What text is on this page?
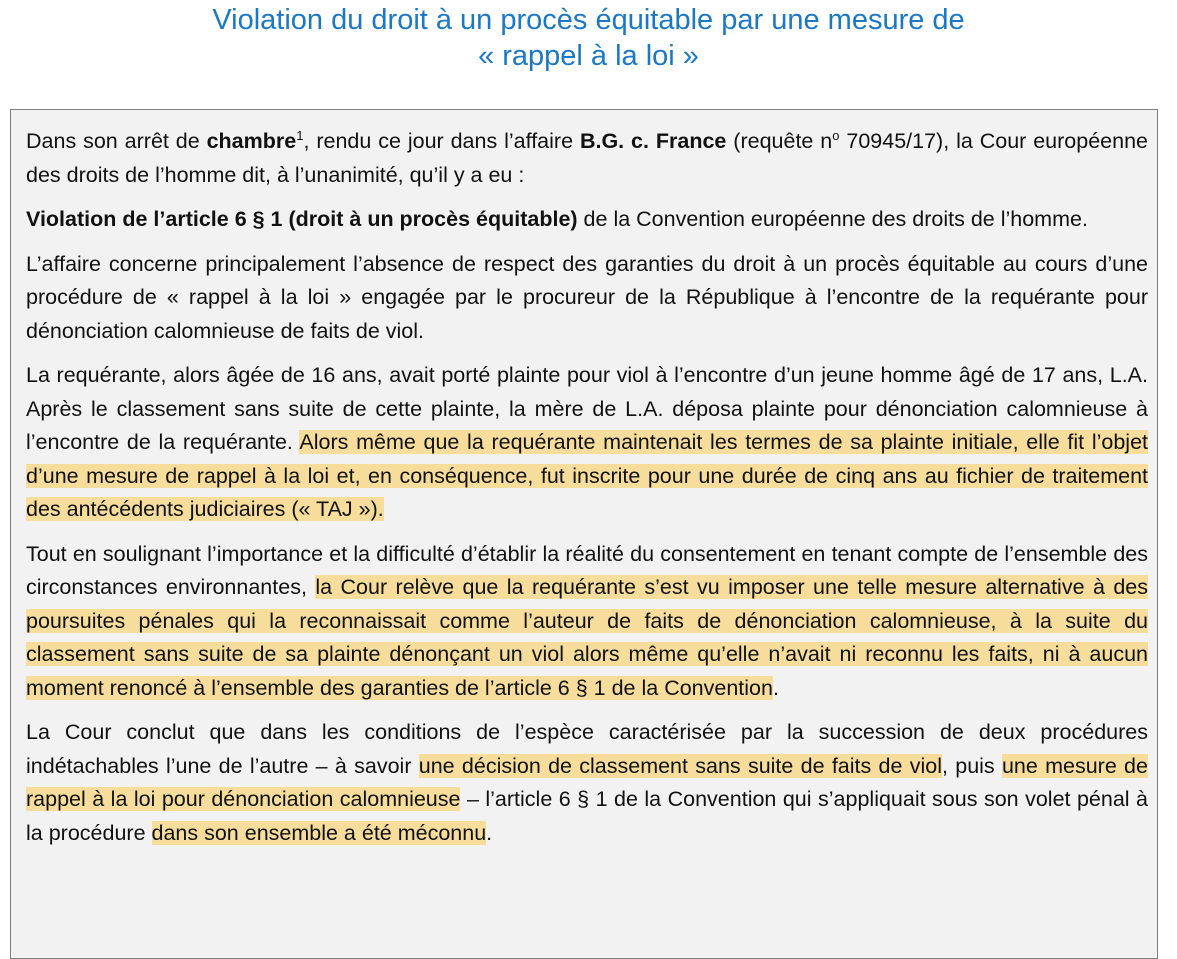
Violation du droit à un procès équitable par une mesure de
« rappel à la loi »

Dans son arrêt de chambre$^1$, rendu ce jour dans l’affaire B.G. c. France (requête $n^o$ 70945/17), la Cour européenne des droits de l’homme dit, à l’unanimité, qu’il y a eu :

Violation de l’article 6 § 1 (droit à un procès équitable) de la Convention européenne des droits de l’homme.

L’affaire concerne principalement l’absence de respect des garanties du droit à un procès équitable au cours d’une procédure de « rappel à la loi » engagée par le procureur de la République à l’encontre de la requérante pour dénonciation calomnieuse de faits de viol.

La requérante, alors âgée de 16 ans, avait porté plainte pour viol à l’encontre d’un jeune homme âgé de 17 ans, L.A. Après le classement sans suite de cette plainte, la mère de L.A. déposa plainte pour dénonciation calomnieuse à l’encontre de la requérante. Alors même que la requérante maintenait les termes de sa plainte initiale, elle fit l’objet d’une mesure de rappel à la loi et, en conséquence, fut inscrite pour une durée de cinq ans au fichier de traitement des antécédents judiciaires (« TAJ »).

Tout en soulignant l’importance et la difficulté d’établir la réalité du consentement en tenant compte de l’ensemble des circonstances environnantes, la Cour relève que la requérante s’est vu imposer une telle mesure alternative à des poursuites pénales qui la reconnaissait comme l’auteur de faits de dénonciation calomnieuse, à la suite du classement sans suite de sa plainte dénonçant un viol alors même qu’elle n’avait ni reconnu les faits, ni à aucun moment renoncé à l’ensemble des garanties de l’article 6 § 1 de la Convention.

La Cour conclut que dans les conditions de l’espèce caractérisée par la succession de deux procédures indétachables l’une de l’autre – à savoir une décision de classement sans suite de faits de viol, puis une mesure de rappel à la loi pour dénonciation calomnieuse – l’article 6 § 1 de la Convention qui s’appliquait sous son volet pénal à la procédure dans son ensemble a été méconnu.
